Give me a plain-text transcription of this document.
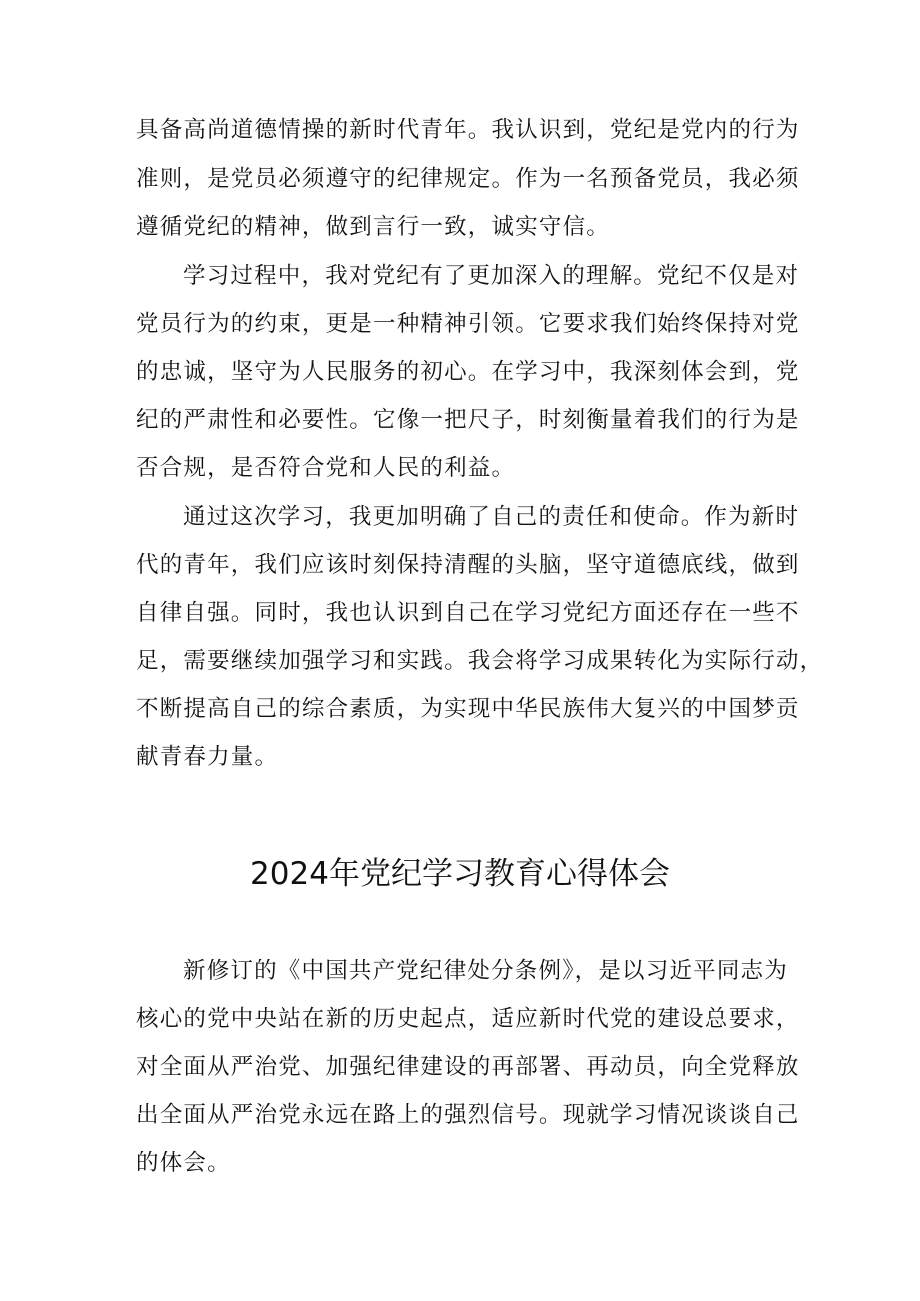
具备高尚道德情操的新时代青年。我认识到，党纪是党内的行为
准则，是党员必须遵守的纪律规定。作为一名预备党员，我必须
遵循党纪的精神，做到言行一致，诚实守信。
学习过程中，我对党纪有了更加深入的理解。党纪不仅是对
党员行为的约束，更是一种精神引领。它要求我们始终保持对党
的忠诚，坚守为人民服务的初心。在学习中，我深刻体会到，党
纪的严肃性和必要性。它像一把尺子，时刻衡量着我们的行为是
否合规，是否符合党和人民的利益。
通过这次学习，我更加明确了自己的责任和使命。作为新时
代的青年，我们应该时刻保持清醒的头脑，坚守道德底线，做到
自律自强。同时，我也认识到自己在学习党纪方面还存在一些不
足，需要继续加强学习和实践。我会将学习成果转化为实际行动，
不断提高自己的综合素质，为实现中华民族伟大复兴的中国梦贡
献青春力量。
2024年党纪学习教育心得体会
新修订的《中国共产党纪律处分条例》，是以习近平同志为
核心的党中央站在新的历史起点，适应新时代党的建设总要求，
对全面从严治党、加强纪律建设的再部署、再动员，向全党释放
出全面从严治党永远在路上的强烈信号。现就学习情况谈谈自己
的体会。
